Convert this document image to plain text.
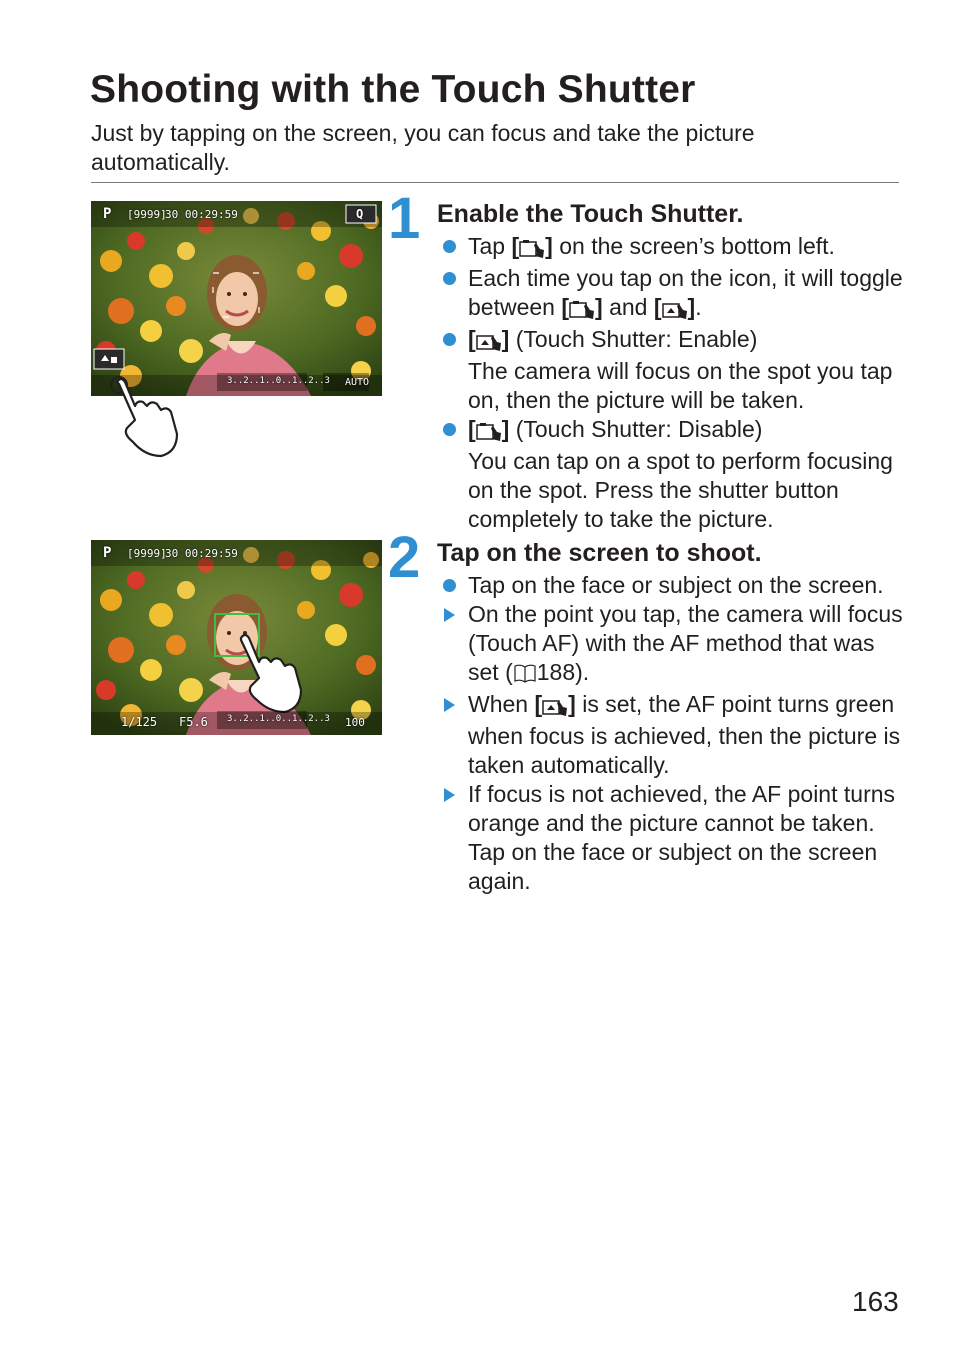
Shooting with the Touch Shutter

Just by tapping on the screen, you can focus and take the picture automatically.

P [9999]
30 00:29:59	Q
3..2..1..0..1..2..3 AUTO
P [9999]
30 00:29:59
1/125 F5.6 3..2..1..0..1..2..3 100
1 Enable the Touch Shutter.
Tap [ ] on the screen’s bottom left.
Each time you tap on the icon, it will toggle between [ ] and [ ].
[ ] (Touch Shutter: Enable)
The camera will focus on the spot you tap on, then the picture will be taken.
[ ] (Touch Shutter: Disable)
You can tap on a spot to perform focusing on the spot. Press the shutter button completely to take the picture.
2 Tap on the screen to shoot.
Tap on the face or subject on the screen.
On the point you tap, the camera will focus (Touch AF) with the AF method that was set ( 188).
When [ ] is set, the AF point turns green when focus is achieved, then the picture is taken automatically.
If focus is not achieved, the AF point turns orange and the picture cannot be taken. Tap on the face or subject on the screen again.

163
